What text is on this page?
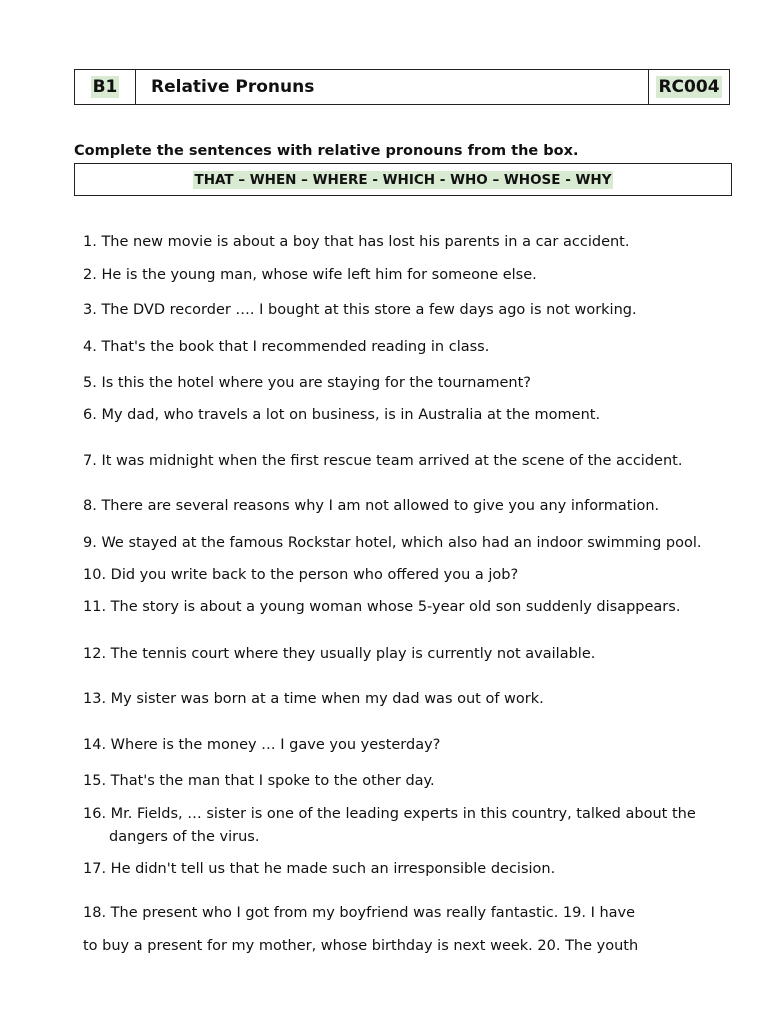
B1 Relative Pronuns	RC004
Complete the sentences with relative pronouns from the box.
THAT – WHEN – WHERE - WHICH - WHO – WHOSE - WHY
1. The new movie is about a boy that has lost his parents in a car accident.
2. He is the young man, whose wife left him for someone else.
3. The DVD recorder …. I bought at this store a few days ago is not working.
4. That's the book that I recommended reading in class.
5. Is this the hotel where you are staying for the tournament?
6. My dad, who travels a lot on business, is in Australia at the moment.
7. It was midnight when the first rescue team arrived at the scene of the accident.
8. There are several reasons why I am not allowed to give you any information.
9. We stayed at the famous Rockstar hotel, which also had an indoor swimming pool.
10. Did you write back to the person who offered you a job?
11. The story is about a young woman whose 5-year old son suddenly disappears.
12. The tennis court where they usually play is currently not available.
13. My sister was born at a time when my dad was out of work.
14. Where is the money … I gave you yesterday?
15. That's the man that I spoke to the other day.
16. Mr. Fields, … sister is one of the leading experts in this country, talked about the
dangers of the virus.
17. He didn't tell us that he made such an irresponsible decision.
18. The present who I got from my boyfriend was really fantastic. 19. I have
to buy a present for my mother, whose birthday is next week. 20. The youth
